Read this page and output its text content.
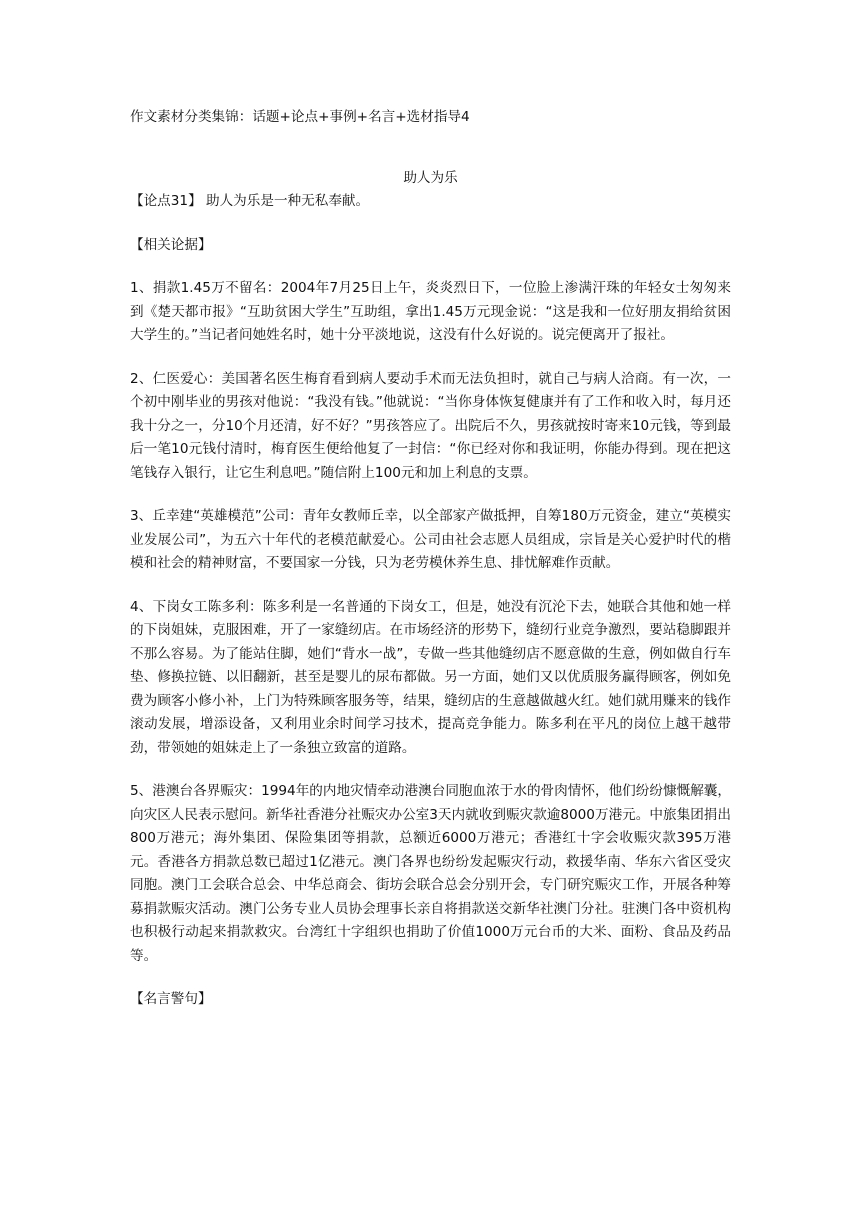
作文素材分类集锦：话题+论点+事例+名言+选材指导4

助人为乐

【论点31】 助人为乐是一种无私奉献。

【相关论据】

1、捐款1.45万不留名：2004年7月25日上午，炎炎烈日下，一位脸上渗满汗珠的年轻女士匆匆来到《楚天都市报》“互助贫困大学生”互助组，拿出1.45万元现金说：“这是我和一位好朋友捐给贫困大学生的。”当记者问她姓名时，她十分平淡地说，这没有什么好说的。说完便离开了报社。

2、仁医爱心：美国著名医生梅育看到病人要动手术而无法负担时，就自己与病人洽商。有一次，一个初中刚毕业的男孩对他说：“我没有钱。”他就说：“当你身体恢复健康并有了工作和收入时，每月还我十分之一，分10个月还清，好不好？”男孩答应了。出院后不久，男孩就按时寄来10元钱，等到最后一笔10元钱付清时，梅育医生便给他复了一封信：“你已经对你和我证明，你能办得到。现在把这笔钱存入银行，让它生利息吧。”随信附上100元和加上利息的支票。

3、丘幸建“英雄模范”公司：青年女教师丘幸，以全部家产做抵押，自筹180万元资金，建立“英模实业发展公司”，为五六十年代的老模范献爱心。公司由社会志愿人员组成，宗旨是关心爱护时代的楷模和社会的精神财富，不要国家一分钱，只为老劳模休养生息、排忧解难作贡献。

4、下岗女工陈多利：陈多利是一名普通的下岗女工，但是，她没有沉沦下去，她联合其他和她一样的下岗姐妹，克服困难，开了一家缝纫店。在市场经济的形势下，缝纫行业竞争激烈，要站稳脚跟并不那么容易。为了能站住脚，她们“背水一战”，专做一些其他缝纫店不愿意做的生意，例如做自行车垫、修换拉链、以旧翻新，甚至是婴儿的尿布都做。另一方面，她们又以优质服务赢得顾客，例如免费为顾客小修小补，上门为特殊顾客服务等，结果，缝纫店的生意越做越火红。她们就用赚来的钱作滚动发展，增添设备，又利用业余时间学习技术，提高竞争能力。陈多利在平凡的岗位上越干越带劲，带领她的姐妹走上了一条独立致富的道路。

5、港澳台各界赈灾：1994年的内地灾情牵动港澳台同胞血浓于水的骨肉情怀，他们纷纷慷慨解囊，向灾区人民表示慰问。新华社香港分社赈灾办公室3天内就收到赈灾款逾8000万港元。中旅集团捐出800万港元；海外集团、保险集团等捐款，总额近6000万港元；香港红十字会收赈灾款395万港元。香港各方捐款总数已超过1亿港元。澳门各界也纷纷发起赈灾行动，救援华南、华东六省区受灾同胞。澳门工会联合总会、中华总商会、街坊会联合总会分别开会，专门研究赈灾工作，开展各种筹募捐款赈灾活动。澳门公务专业人员协会理事长亲自将捐款送交新华社澳门分社。驻澳门各中资机构也积极行动起来捐款救灾。台湾红十字组织也捐助了价值1000万元台币的大米、面粉、食品及药品等。

【名言警句】
